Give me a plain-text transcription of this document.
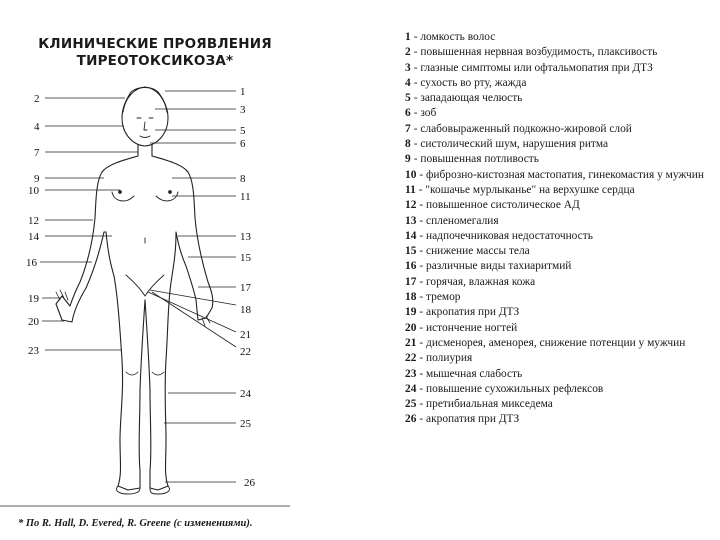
КЛИНИЧЕСКИЕ ПРОЯВЛЕНИЯ
ТИРЕОТОКСИКОЗА*
1
2
3
4	5
6
7
8
9
10	11
12
14	13
15
16
17
18
19
20
21
22
23
24
25
26
* По R. Hall, D. Evered, R. Greene (с изменениями).
1 - ломкость волос
2 - повышенная нервная возбудимость, плаксивость
3 - глазные симптомы или офтальмопатия при ДТЗ
4 - сухость во рту, жажда
5 - западающая челюсть
6 - зоб
7 - слабовыраженный подкожно-жировой слой
8 - систолический шум, нарушения ритма
9 - повышенная потливость
10 - фиброзно-кистозная мастопатия, гинекомастия у мужчин
11 - "кошачье мурлыканье" на верхушке сердца
12 - повышенное систолическое АД
13 - спленомегалия
14 - надпочечниковая недостаточность
15 - снижение массы тела
16 - различные виды тахиаритмий
17 - горячая, влажная кожа
18 - тремор
19 - акропатия при ДТЗ
20 - истончение ногтей
21 - дисменорея, аменорея, снижение потенции у мужчин
22 - полиурия
23 - мышечная слабость
24 - повышение сухожильных рефлексов
25 - претибиальная микседема
26 - акропатия при ДТЗ
